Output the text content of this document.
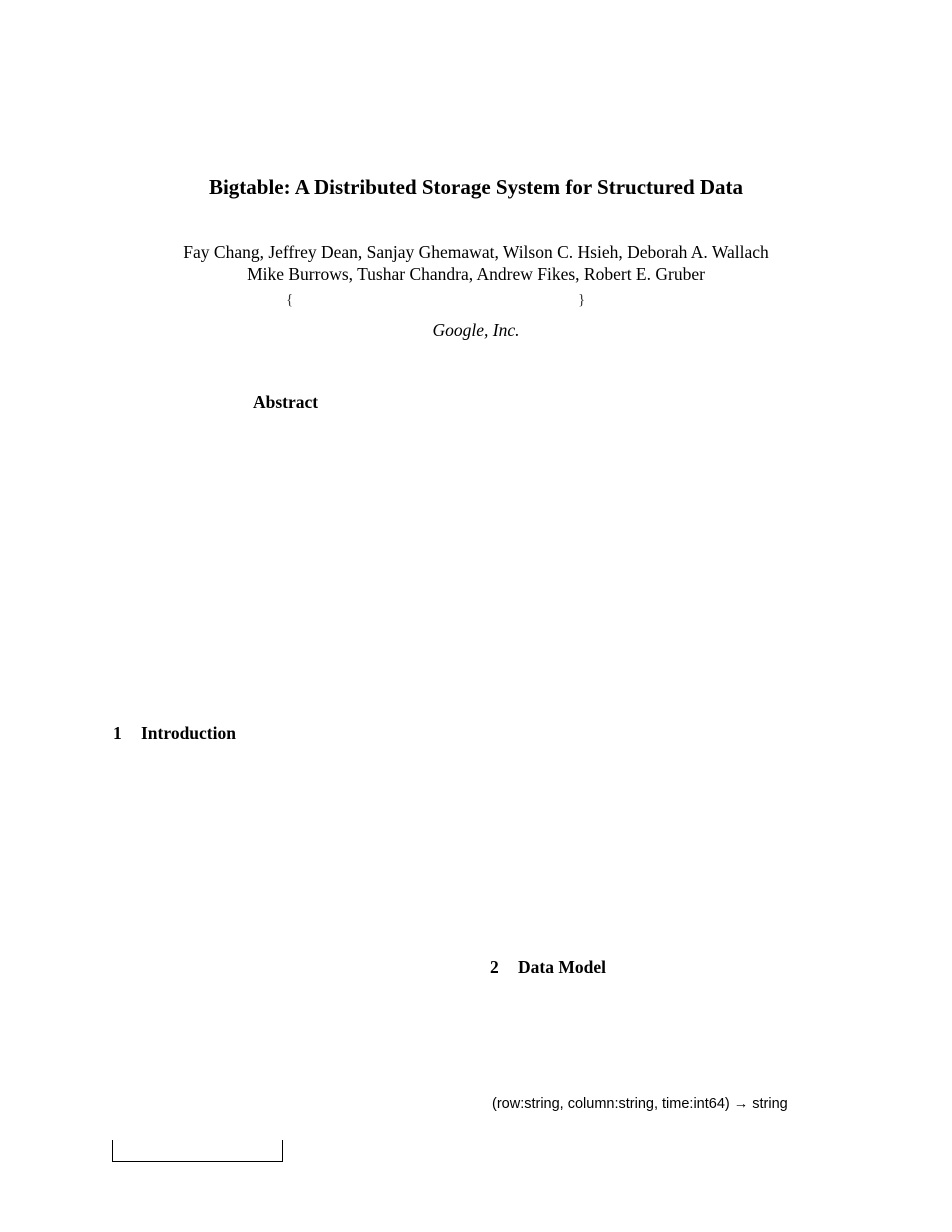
Bigtable: A Distributed Storage System for Structured Data
Fay Chang, Jeffrey Dean, Sanjay Ghemawat, Wilson C. Hsieh, Deborah A. Wallach
Mike Burrows, Tushar Chandra, Andrew Fikes, Robert E. Gruber
{	}
Google, Inc.
Abstract
1 Introduction
2 Data Model
(row:string, column:string, time:int64) → string
